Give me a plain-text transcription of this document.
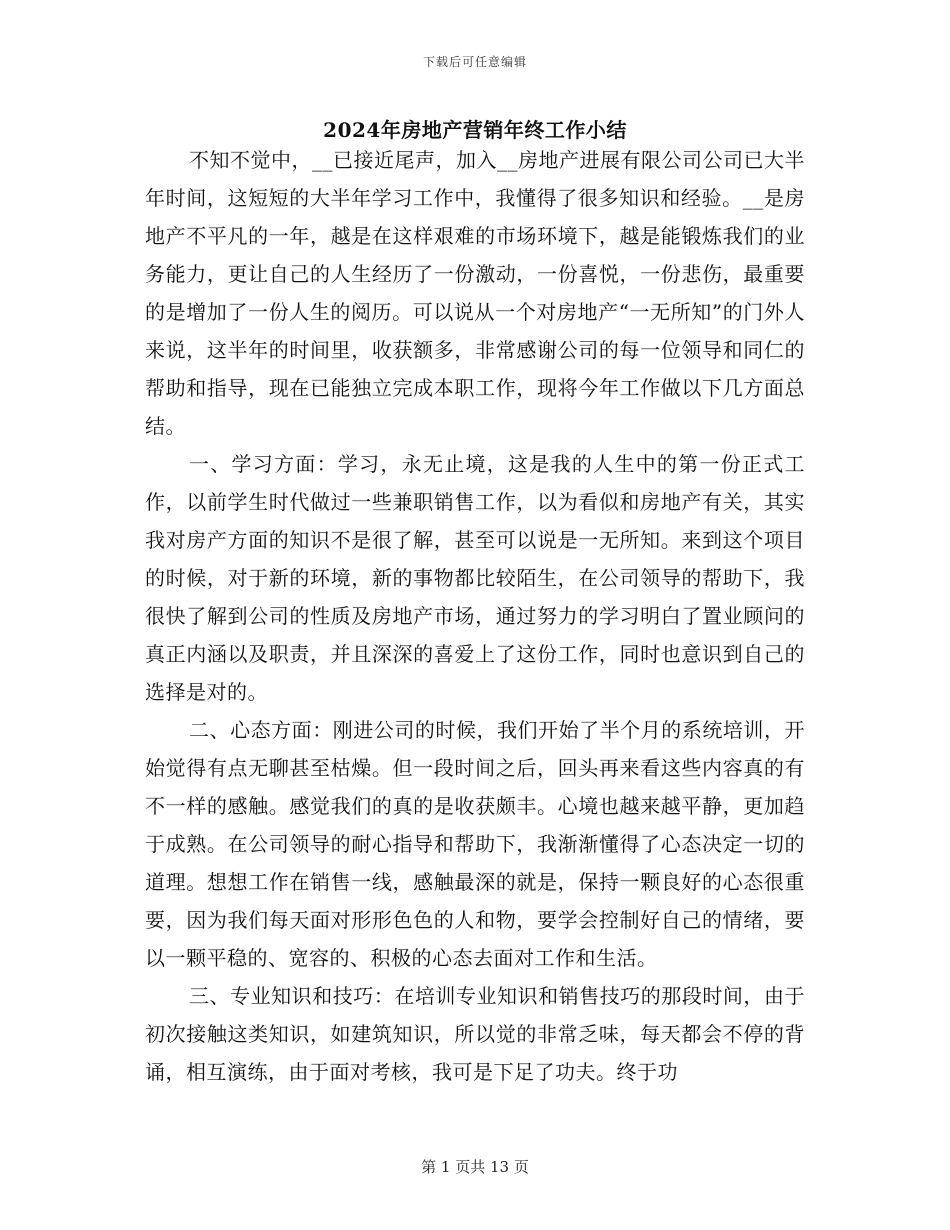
下载后可任意编辑
2024年房地产营销年终工作小结

不知不觉中，__已接近尾声，加入__房地产进展有限公司公司已大半年时间，这短短的大半年学习工作中，我懂得了很多知识和经验。__是房地产不平凡的一年，越是在这样艰难的市场环境下，越是能锻炼我们的业务能力，更让自己的人生经历了一份激动，一份喜悦，一份悲伤，最重要的是增加了一份人生的阅历。可以说从一个对房地产“一无所知”的门外人来说，这半年的时间里，收获额多，非常感谢公司的每一位领导和同仁的帮助和指导，现在已能独立完成本职工作，现将今年工作做以下几方面总结。

一、学习方面：学习，永无止境，这是我的人生中的第一份正式工作，以前学生时代做过一些兼职销售工作，以为看似和房地产有关，其实我对房产方面的知识不是很了解，甚至可以说是一无所知。来到这个项目的时候，对于新的环境，新的事物都比较陌生，在公司领导的帮助下，我很快了解到公司的性质及房地产市场，通过努力的学习明白了置业顾问的真正内涵以及职责，并且深深的喜爱上了这份工作，同时也意识到自己的选择是对的。

二、心态方面：刚进公司的时候，我们开始了半个月的系统培训，开始觉得有点无聊甚至枯燥。但一段时间之后，回头再来看这些内容真的有不一样的感触。感觉我们的真的是收获颇丰。心境也越来越平静，更加趋于成熟。在公司领导的耐心指导和帮助下，我渐渐懂得了心态决定一切的道理。想想工作在销售一线，感触最深的就是，保持一颗良好的心态很重要，因为我们每天面对形形色色的人和物，要学会控制好自己的情绪，要以一颗平稳的、宽容的、积极的心态去面对工作和生活。

三、专业知识和技巧：在培训专业知识和销售技巧的那段时间，由于初次接触这类知识，如建筑知识，所以觉的非常乏味，每天都会不停的背诵，相互演练，由于面对考核，我可是下足了功夫。终于功

第 1 页共 13 页
